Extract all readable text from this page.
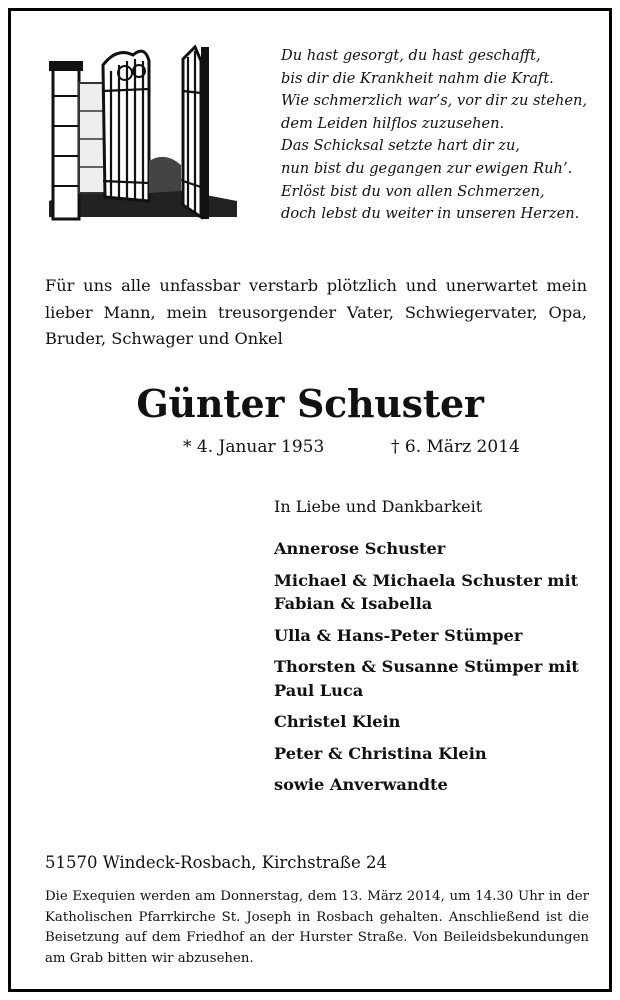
Du hast gesorgt, du hast geschafft,
bis dir die Krankheit nahm die Kraft.
Wie schmerzlich war’s, vor dir zu stehen,
dem Leiden hilflos zuzusehen.
Das Schicksal setzte hart dir zu,
nun bist du gegangen zur ewigen Ruh’.
Erlöst bist du von allen Schmerzen,
doch lebst du weiter in unseren Herzen.
Für uns alle unfassbar verstarb plötzlich und unerwartet mein lieber Mann, mein treusorgender Vater, Schwiegervater, Opa, Bruder, Schwager und Onkel
Günter Schuster
* 4. Januar 1953	† 6. März 2014
In Liebe und Dankbarkeit
Annerose Schuster
Michael & Michaela Schuster mit Fabian & Isabella
Ulla & Hans-Peter Stümper
Thorsten & Susanne Stümper mit Paul Luca
Christel Klein
Peter & Christina Klein
sowie Anverwandte
51570 Windeck-Rosbach, Kirchstraße 24
Die Exequien werden am Donnerstag, dem 13. März 2014, um 14.30 Uhr in der Katholischen Pfarrkirche St. Joseph in Rosbach gehalten. Anschließend ist die Beisetzung auf dem Friedhof an der Hurster Straße. Von Beileidsbekundungen am Grab bitten wir abzusehen.
